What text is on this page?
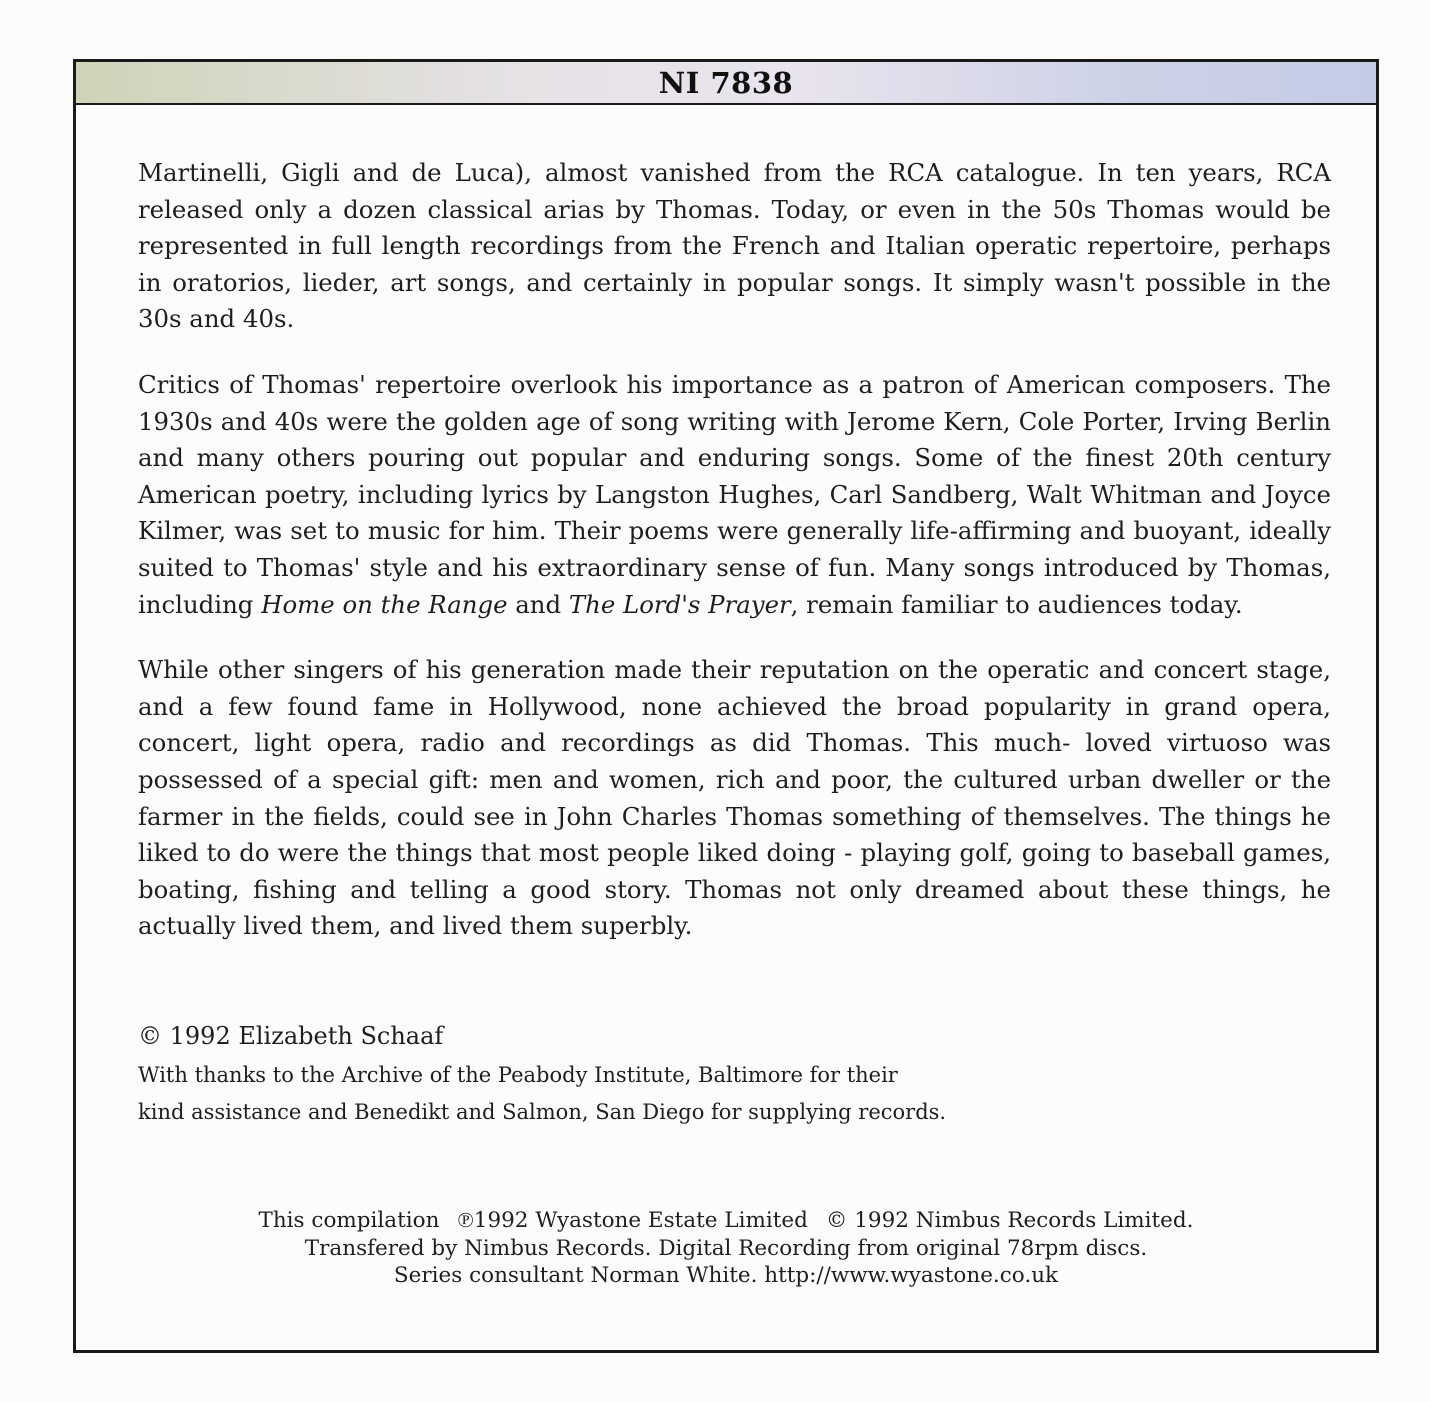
NI 7838

Martinelli, Gigli and de Luca), almost vanished from the RCA catalogue. In ten years, RCA released only a dozen classical arias by Thomas. Today, or even in the 50s Thomas would be represented in full length recordings from the French and Italian operatic repertoire, perhaps in oratorios, lieder, art songs, and certainly in popular songs. It simply wasn't possible in the 30s and 40s.

Critics of Thomas' repertoire overlook his importance as a patron of American composers. The 1930s and 40s were the golden age of song writing with Jerome Kern, Cole Porter, Irving Berlin and many others pouring out popular and enduring songs. Some of the finest 20th century American poetry, including lyrics by Langston Hughes, Carl Sandberg, Walt Whitman and Joyce Kilmer, was set to music for him. Their poems were generally life-affirming and buoyant, ideally suited to Thomas' style and his extraordinary sense of fun. Many songs introduced by Thomas, including Home on the Range and The Lord's Prayer, remain familiar to audiences today.

While other singers of his generation made their reputation on the operatic and concert stage, and a few found fame in Hollywood, none achieved the broad popularity in grand opera, concert, light opera, radio and recordings as did Thomas. This much- loved virtuoso was possessed of a special gift: men and women, rich and poor, the cultured urban dweller or the farmer in the fields, could see in John Charles Thomas something of themselves. The things he liked to do were the things that most people liked doing - playing golf, going to baseball games, boating, fishing and telling a good story. Thomas not only dreamed about these things, he actually lived them, and lived them superbly.

© 1992 Elizabeth Schaaf

With thanks to the Archive of the Peabody Institute, Baltimore for their
kind assistance and Benedikt and Salmon, San Diego for supplying records.

This compilation ℗1992 Wyastone Estate Limited © 1992 Nimbus Records Limited.
Transfered by Nimbus Records. Digital Recording from original 78rpm discs.
Series consultant Norman White. http://www.wyastone.co.uk
